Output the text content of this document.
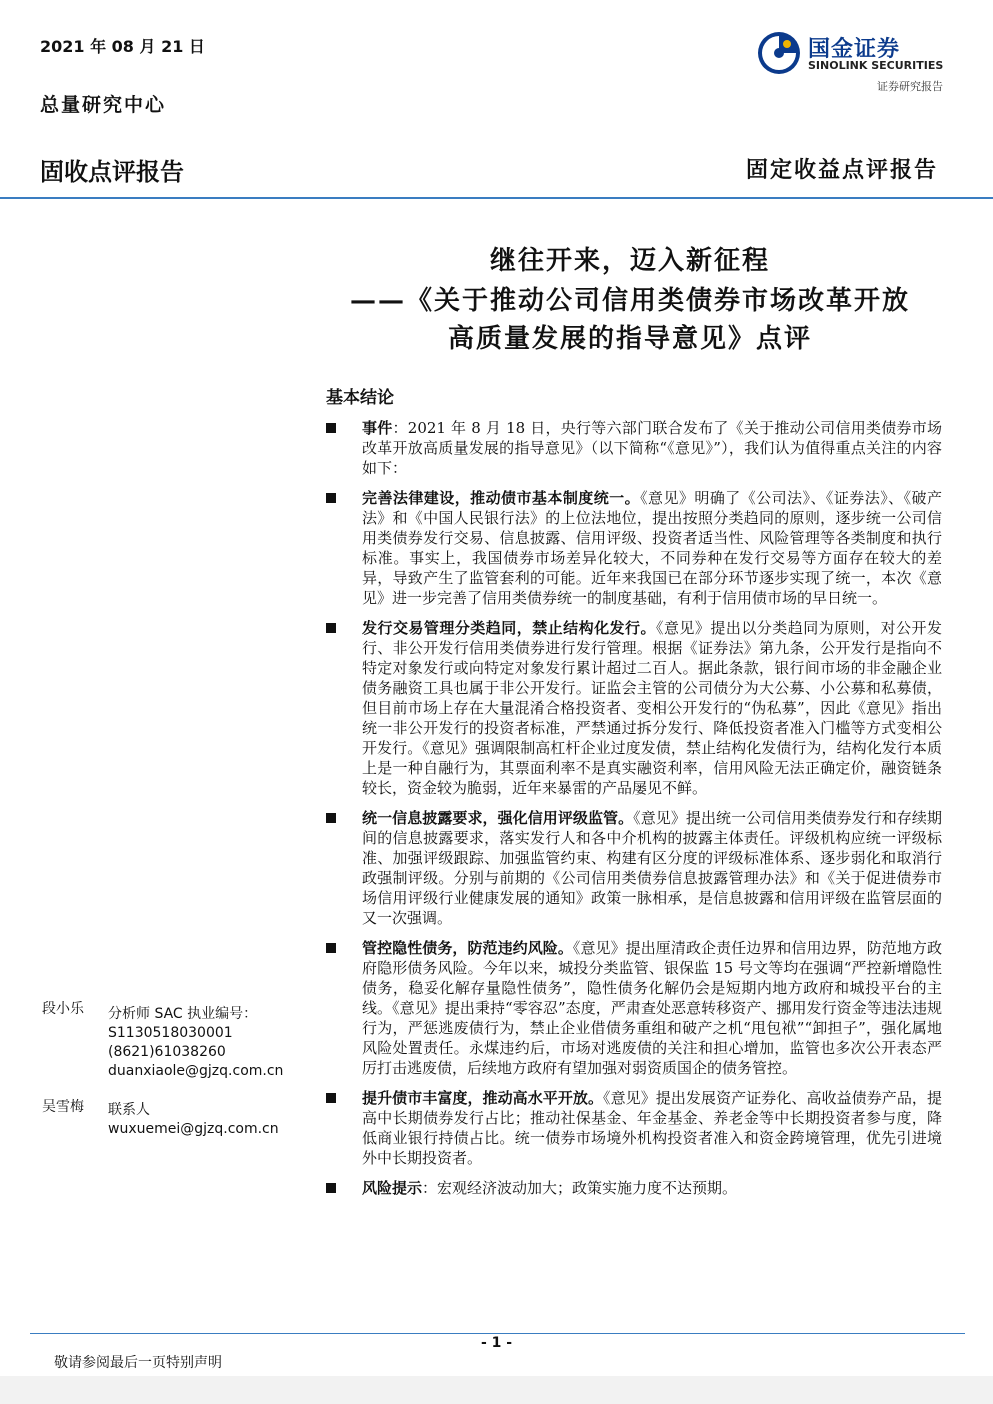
2021 年 08 月 21 日
总量研究中心
固收点评报告	固定收益点评报告
国金证券
SINOLINK SECURITIES
证券研究报告
继往开来，迈入新征程
——《关于推动公司信用类债券市场改革开放
高质量发展的指导意见》点评
基本结论
事件：2021 年 8 月 18 日，央行等六部门联合发布了《关于推动公司信用类债券市场改革开放高质量发展的指导意见》（以下简称“《意见》”），我们认为值得重点关注的内容如下：
完善法律建设，推动债市基本制度统一。《意见》明确了《公司法》、《证券法》、《破产法》和《中国人民银行法》的上位法地位，提出按照分类趋同的原则，逐步统一公司信用类债券发行交易、信息披露、信用评级、投资者适当性、风险管理等各类制度和执行标准。事实上，我国债券市场差异化较大，不同券种在发行交易等方面存在较大的差异，导致产生了监管套利的可能。近年来我国已在部分环节逐步实现了统一，本次《意见》进一步完善了信用类债券统一的制度基础，有利于信用债市场的早日统一。
发行交易管理分类趋同，禁止结构化发行。《意见》提出以分类趋同为原则，对公开发行、非公开发行信用类债券进行发行管理。根据《证券法》第九条，公开发行是指向不特定对象发行或向特定对象发行累计超过二百人。据此条款，银行间市场的非金融企业债务融资工具也属于非公开发行。证监会主管的公司债分为大公募、小公募和私募债，但目前市场上存在大量混淆合格投资者、变相公开发行的“伪私募”，因此《意见》指出统一非公开发行的投资者标准，严禁通过拆分发行、降低投资者准入门槛等方式变相公开发行。《意见》强调限制高杠杆企业过度发债，禁止结构化发债行为，结构化发行本质上是一种自融行为，其票面利率不是真实融资利率，信用风险无法正确定价，融资链条较长，资金较为脆弱，近年来暴雷的产品屡见不鲜。
统一信息披露要求，强化信用评级监管。《意见》提出统一公司信用类债券发行和存续期间的信息披露要求，落实发行人和各中介机构的披露主体责任。评级机构应统一评级标准、加强评级跟踪、加强监管约束、构建有区分度的评级标准体系、逐步弱化和取消行政强制评级。分别与前期的《公司信用类债券信息披露管理办法》和《关于促进债券市场信用评级行业健康发展的通知》政策一脉相承，是信息披露和信用评级在监管层面的又一次强调。
管控隐性债务，防范违约风险。《意见》提出厘清政企责任边界和信用边界，防范地方政府隐形债务风险。今年以来，城投分类监管、银保监 15 号文等均在强调“严控新增隐性债务，稳妥化解存量隐性债务”，隐性债务化解仍会是短期内地方政府和城投平台的主线。《意见》提出秉持“零容忍”态度，严肃查处恶意转移资产、挪用发行资金等违法违规行为，严惩逃废债行为，禁止企业借债务重组和破产之机“甩包袱”“卸担子”，强化属地风险处置责任。永煤违约后，市场对逃废债的关注和担心增加，监管也多次公开表态严厉打击逃废债，后续地方政府有望加强对弱资质国企的债务管控。
提升债市丰富度，推动高水平开放。《意见》提出发展资产证券化、高收益债券产品，提高中长期债券发行占比；推动社保基金、年金基金、养老金等中长期投资者参与度，降低商业银行持债占比。统一债券市场境外机构投资者准入和资金跨境管理，优先引进境外中长期投资者。
风险提示：宏观经济波动加大；政策实施力度不达预期。
段小乐 分析师 SAC 执业编号：
S1130518030001
(8621)61038260
duanxiaole@gjzq.com.cn
吴雪梅 联系人
wuxuemei@gjzq.com.cn
- 1 -
敬请参阅最后一页特别声明
